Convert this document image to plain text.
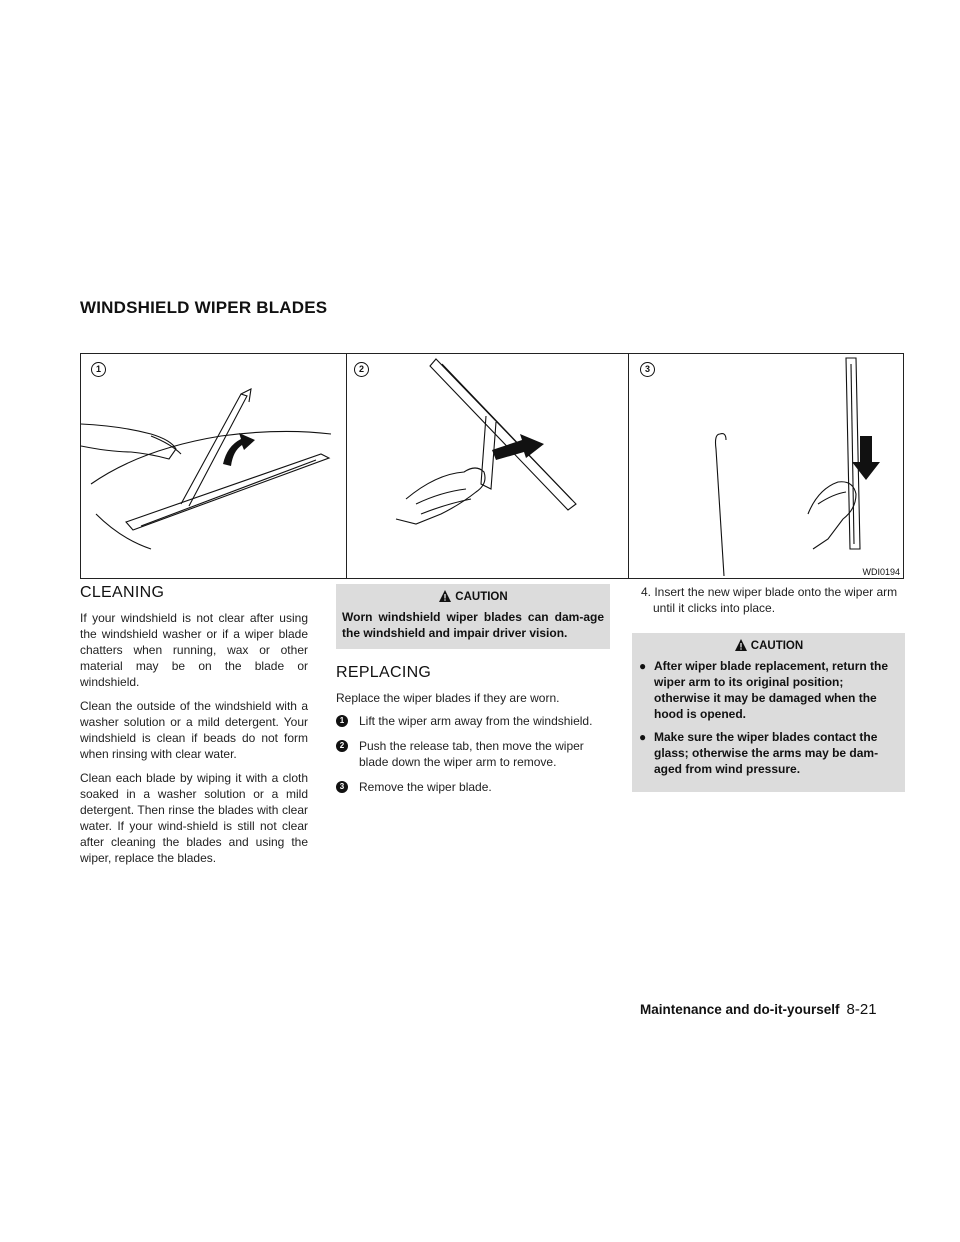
WINDSHIELD WIPER BLADES
1	2	3
WDI0194
CLEANING

If your windshield is not clear after using the windshield washer or if a wiper blade chatters when running, wax or other material may be on the blade or windshield.

Clean the outside of the windshield with a washer solution or a mild detergent. Your windshield is clean if beads do not form when rinsing with clear water.

Clean each blade by wiping it with a cloth soaked in a washer solution or a mild detergent. Then rinse the blades with clear water. If your wind-shield is still not clear after cleaning the blades and using the wiper, replace the blades.

CAUTION

Worn windshield wiper blades can dam-age the windshield and impair driver vision.

REPLACING

Replace the wiper blades if they are worn.

1	Lift the wiper arm away from the windshield.
2	Push the release tab, then move the wiper blade down the wiper arm to remove.
3	Remove the wiper blade.

4. Insert the new wiper blade onto the wiper arm until it clicks into place.

CAUTION
● After wiper blade replacement, return the wiper arm to its original position; otherwise it may be damaged when the hood is opened.
● Make sure the wiper blades contact the glass; otherwise the arms may be dam-aged from wind pressure.
Maintenance and do-it-yourself 8-21
